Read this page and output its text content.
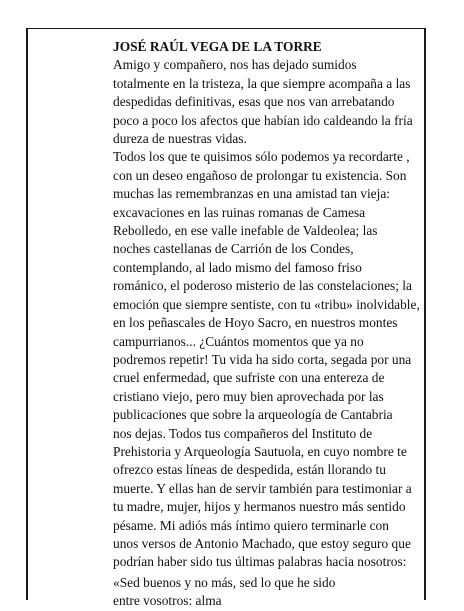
JOSÉ RAÚL VEGA DE LA TORRE
Amigo y compañero, nos has dejado sumidos
totalmente en la tristeza, la que siempre acompaña a las
despedidas definitivas, esas que nos van arrebatando
poco a poco los afectos que habían ido caldeando la fría
dureza de nuestras vidas.
Todos los que te quisimos sólo podemos ya recordarte ,
con un deseo engañoso de prolongar tu existencia. Son
muchas las remembranzas en una amistad tan vieja:
excavaciones en las ruinas romanas de Camesa
Rebolledo, en ese valle inefable de Valdeolea; las
noches castellanas de Carrión de los Condes,
contemplando, al lado mismo del famoso friso
románico, el poderoso misterio de las constelaciones; la
emoción que siempre sentiste, con tu «tribu» inolvidable,
en los peñascales de Hoyo Sacro, en nuestros montes
campurrianos... ¿Cuántos momentos que ya no
podremos repetir! Tu vida ha sido corta, segada por una
cruel enfermedad, que sufriste con una entereza de
cristiano viejo, pero muy bien aprovechada por las
publicaciones que sobre la arqueología de Cantabria
nos dejas. Todos tus compañeros del Instituto de
Prehistoria y Arqueología Sautuola, en cuyo nombre te
ofrezco estas líneas de despedida, están llorando tu
muerte. Y ellas han de servir también para testimoniar a
tu madre, mujer, hijos y hermanos nuestro más sentido
pésame. Mi adiós más íntimo quiero terminarle con
unos versos de Antonio Machado, que estoy seguro que
podrían haber sido tus últimas palabras hacia nosotros:
«Sed buenos y no más, sed lo que he sido
entre vosotros: alma
